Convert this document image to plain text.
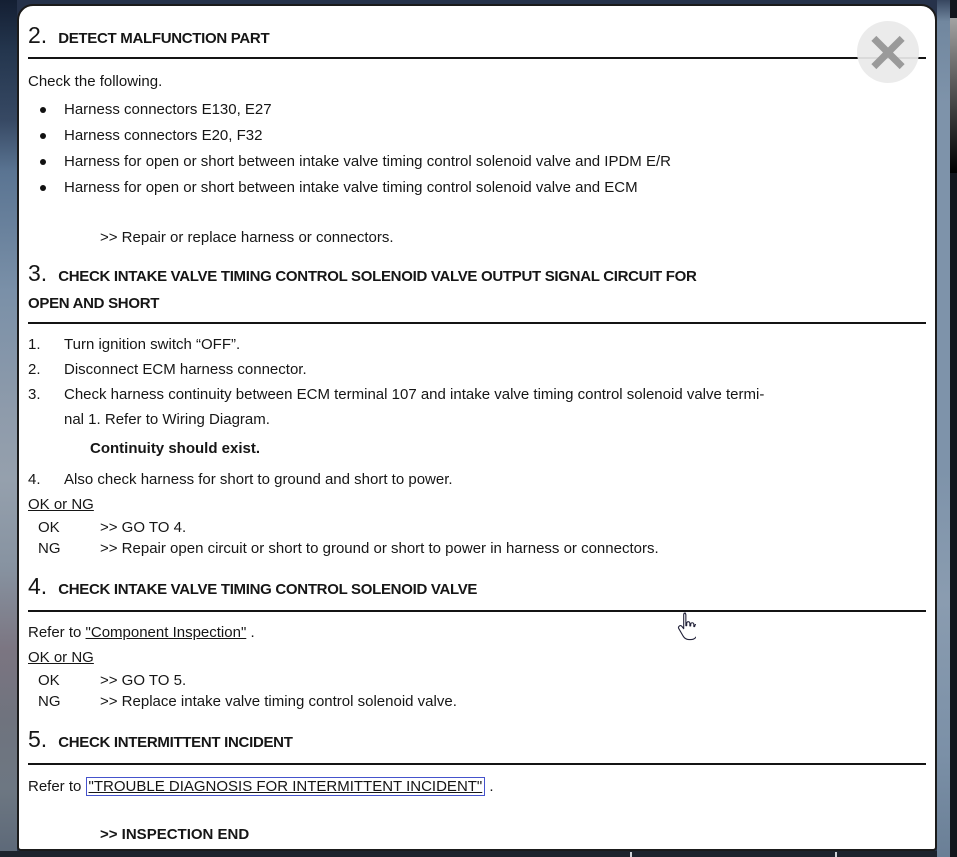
2. DETECT MALFUNCTION PART
Check the following.
Harness connectors E130, E27
Harness connectors E20, F32
Harness for open or short between intake valve timing control solenoid valve and IPDM E/R
Harness for open or short between intake valve timing control solenoid valve and ECM
>> Repair or replace harness or connectors.
3. CHECK INTAKE VALVE TIMING CONTROL SOLENOID VALVE OUTPUT SIGNAL CIRCUIT FOR
OPEN AND SHORT
1.	Turn ignition switch “OFF”.
2.	Disconnect ECM harness connector.
3.	Check harness continuity between ECM terminal 107 and intake valve timing control solenoid valve termi-
nal 1. Refer to Wiring Diagram.
Continuity should exist.
4.	Also check harness for short to ground and short to power.
OK or NG
OK	>> GO TO 4.
NG	>> Repair open circuit or short to ground or short to power in harness or connectors.
4. CHECK INTAKE VALVE TIMING CONTROL SOLENOID VALVE
Refer to "Component Inspection" .
OK or NG
OK	>> GO TO 5.
NG	>> Replace intake valve timing control solenoid valve.
5. CHECK INTERMITTENT INCIDENT
Refer to "TROUBLE DIAGNOSIS FOR INTERMITTENT INCIDENT" .
>> INSPECTION END
